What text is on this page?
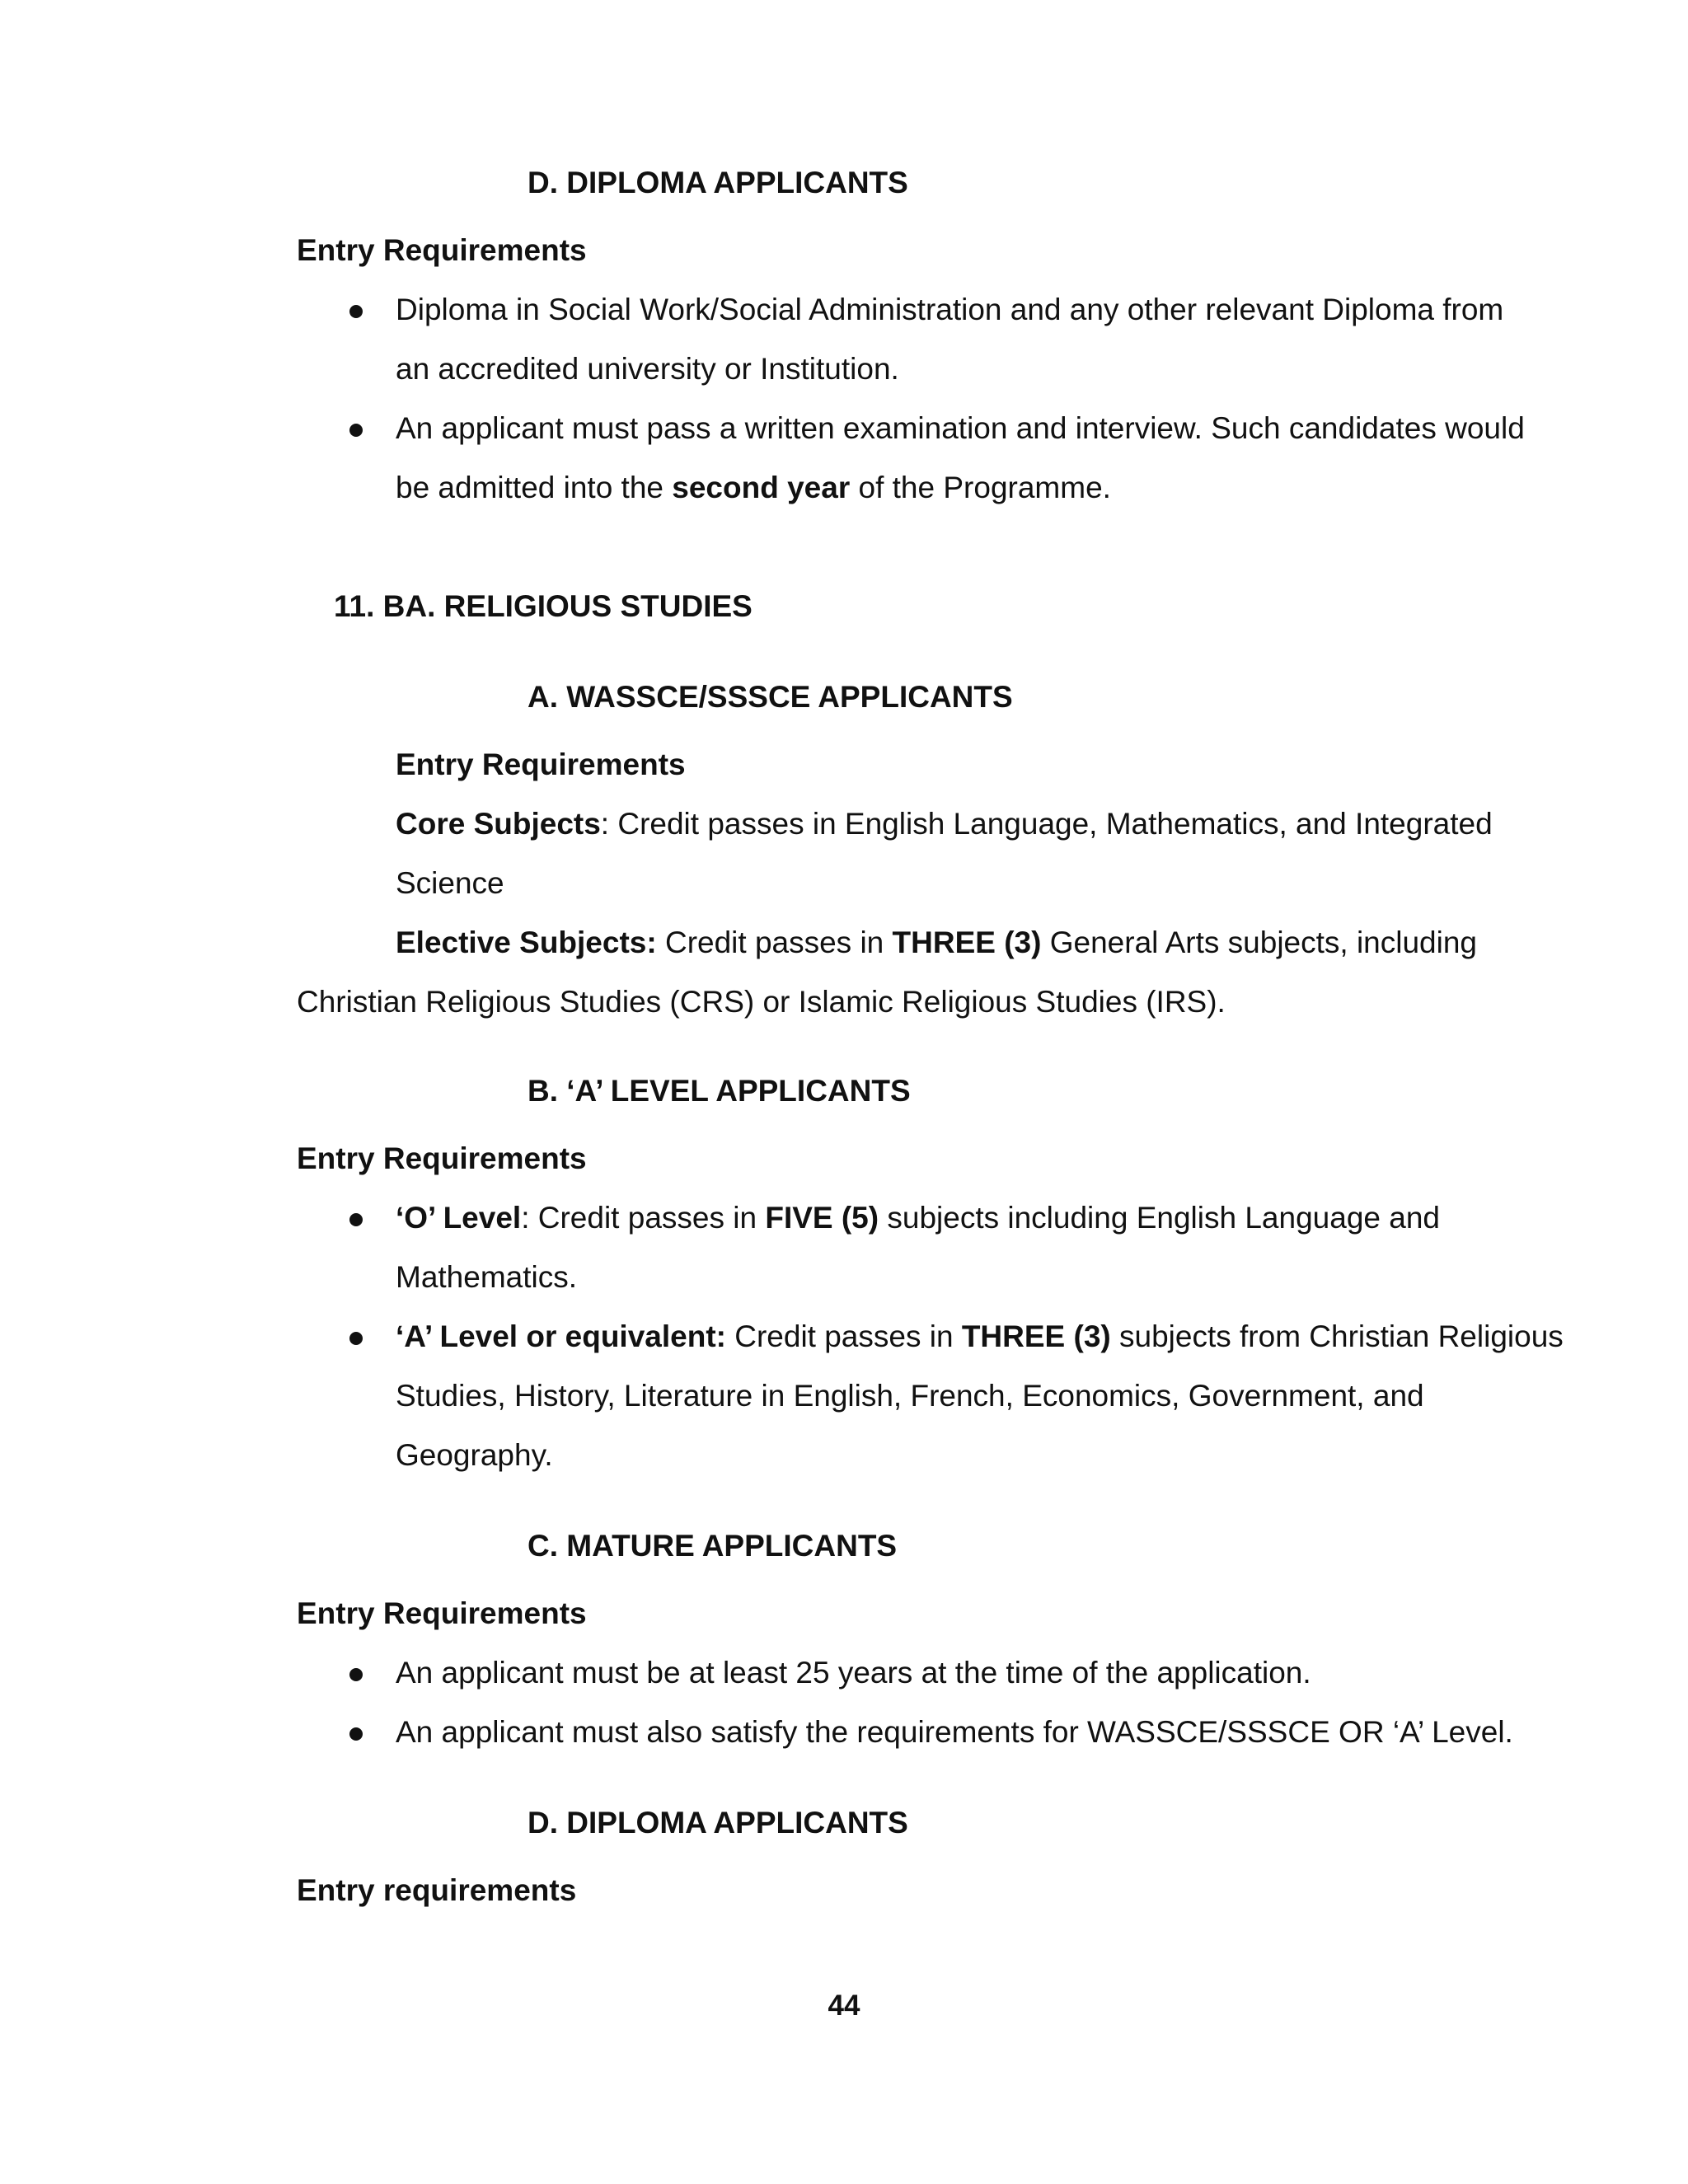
D. DIPLOMA APPLICANTS
Entry Requirements
Diploma in Social Work/Social Administration and any other relevant Diploma from
an accredited university or Institution.
An applicant must pass a written examination and interview. Such candidates would
be admitted into the second year of the Programme.
11. BA. RELIGIOUS STUDIES
A. WASSCE/SSSCE APPLICANTS
Entry Requirements
Core Subjects: Credit passes in English Language, Mathematics, and Integrated
Science
Elective Subjects: Credit passes in THREE (3) General Arts subjects, including
Christian Religious Studies (CRS) or Islamic Religious Studies (IRS).
B. ‘A’ LEVEL APPLICANTS
Entry Requirements
‘O’ Level: Credit passes in FIVE (5) subjects including English Language and
Mathematics.
‘A’ Level or equivalent: Credit passes in THREE (3) subjects from Christian Religious
Studies, History, Literature in English, French, Economics, Government, and
Geography.
C. MATURE APPLICANTS
Entry Requirements
An applicant must be at least 25 years at the time of the application.
An applicant must also satisfy the requirements for WASSCE/SSSCE OR ‘A’ Level.
D. DIPLOMA APPLICANTS
Entry requirements
44
